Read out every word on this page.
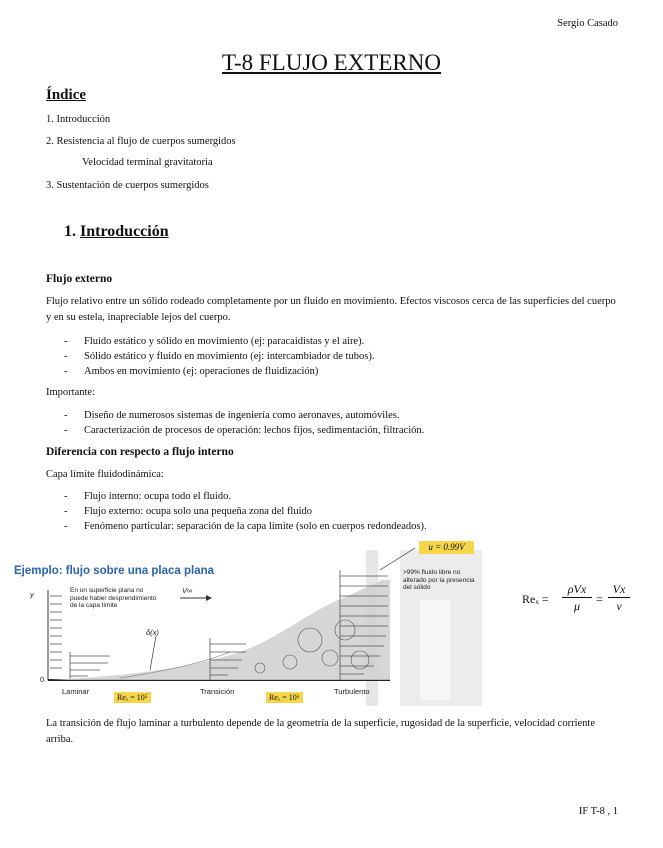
Sergio Casado
T-8 FLUJO EXTERNO
Índice
1. Introducción
2. Resistencia al flujo de cuerpos sumergidos
Velocidad terminal gravitatoria
3. Sustentación de cuerpos sumergidos
1. Introducción
Flujo externo
Flujo relativo entre un sólido rodeado completamente por un fluido en movimiento. Efectos viscosos cerca de las superficies del cuerpo y en su estela, inapreciable lejos del cuerpo.
- Fluido estático y sólido en movimiento (ej: paracaidistas y el aire).
- Sólido estático y fluido en movimiento (ej: intercambiador de tubos).
- Ambos en movimiento (ej: operaciones de fluidización)
Importante:
- Diseño de numerosos sistemas de ingeniería como aeronaves, automóviles.
- Caracterización de procesos de operación: lechos fijos, sedimentación, filtración.
Diferencia con respecto a flujo interno
Capa límite fluidodinámica:
- Flujo interno: ocupa todo el fluido.
- Flujo externo: ocupa solo una pequeña zona del fluido
- Fenómeno particular: separación de la capa límite (solo en cuerpos redondeados).
Ejemplo: flujo sobre una placa plana
En un superficie plana no puede haber desprendimiento de la capa límite
>99% fluido libre no alterado por la presencia del sólido
V∞
y
δ(x)
0
Laminar	Transición	Turbulento
Reₓ = 10⁵	Reₓ = 10⁶
u = 0.99V
Reₓ =
ρVx
μ	=
Vx
ν
La transición de flujo laminar a turbulento depende de la geometría de la superficie, rugosidad de la superficie, velocidad corriente arriba.
IF T-8 , 1
